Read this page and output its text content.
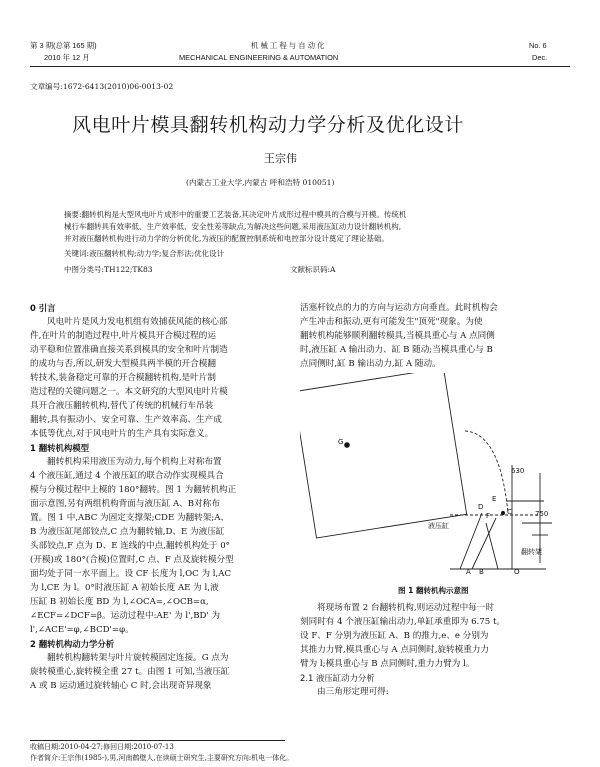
第 3 期(总第 165 期)
2010 年 12 月
机 械 工 程 与 自 动 化
MECHANICAL ENGINEERING & AUTOMATION
No. 6
Dec.
文章编号:1672-6413(2010)06-0013-02
风电叶片模具翻转机构动力学分析及优化设计
王宗伟
(内蒙古工业大学,内蒙古 呼和浩特 010051)

摘要:翻转机构是大型风电叶片成形中的重要工艺装备,其决定叶片成形过程中模具的合模与开模。传统机

械行车翻转具有效率低、生产效率低、安全性差等缺点,为解决这些问题,采用液压缸动力设计翻转机构,

并对液压翻转机构进行动力学的分析优化,为液压的配置控制系统和电控部分设计奠定了理论基础。

关键词:液压翻转机构;动力学;复合形法;优化设计
中图分类号:TH122;TK83	文献标识码:A
0 引言

风电叶片是风力发电机组有效捕获风能的核心部

件,在叶片的制造过程中,叶片模具开合模过程的运

动平稳和位置准确直接关系到模具的安全和叶片制造

的成功与否,所以,研发大型模具两半模的开合模翻

转技术,装备稳定可靠的开合模翻转机构,是叶片制

造过程的关键问题之一。本文研究的大型风电叶片模

具开合液压翻转机构,替代了传统的机械行车吊装

翻转,具有振动小、安全可靠、生产效率高、生产成

本低等优点,对于风电叶片的生产具有实际意义。

1 翻转机构模型

翻转机构采用液压为动力,每个机构上对称布置

4 个液压缸,通过 4 个液压缸的联合动作实现模具合

模与分模过程中上模的 180°翻转。图 1 为翻转机构正

面示意图,另有两组机构背面与液压缸 A、B对称布

置。图 1 中,ABC 为固定支撑架;CDE 为翻转架;A、

B 为液压缸尾部铰点,C 点为翻转轴,D、E 为液压缸

头部铰点,F 点为 D、E 连线的中点,翻转机构处于 0°

(开模)或 180°(合模)位置时,C 点、F 点及旋转模分型

面均处于同一水平面上。设 CF 长度为 l,OC 为 l,AC

为 l,CE 为 l。0°时液压缸 A 初始长度 AE 为 l,液

压缸 B 初始长度 BD 为 l,∠OCA=,∠OCB=α,

∠ECF=∠DCF=β。运动过程中:AE' 为 l',BD' 为

l',∠ACE'=φ,∠BCD'=φ。

2 翻转机构动力学分析

翻转机构翻转架与叶片旋转模固定连接。G 点为

旋转模重心,旋转模全重 27 t。由图 1 可知,当液压缸

A 或 B 运动通过旋转轴心 C 时,会出现奇异现象

活塞杆铰点的力的方向与运动方向垂直。此时机构会

产生冲击和振动,更有可能发生"顶死"现象。为使

翻转机构能够顺利翻转模具,当模具重心与 A 点同侧

时,液压缸 A 输出动力、缸 B 随动;当模具重心与 B

点同侧时,缸 B 输出动力,缸 A 随动。

630
750
液压缸
翻转架
A B
C
D
E
F
G
O
图 1 翻转机构示意图

将现场布置 2 台翻转机构,则运动过程中每一时

刻同时有 4 个液压缸输出动力,单缸承重即为 6.75 t。

设 F、F 分别为液压缸 A、B 的推力,e、e 分别为

其推力力臂,模具重心与 A 点同侧时,旋转模重力力

臂为 l;模具重心与 B 点同侧时,重力力臂为 l。

2.1 液压缸动力分析

由三角形定理可得:

收稿日期:2010-04-27;修回日期:2010-07-13
作者简介:王宗伟(1985-),男,河南鹤壁人,在读硕士研究生,主要研究方向:机电一体化。
